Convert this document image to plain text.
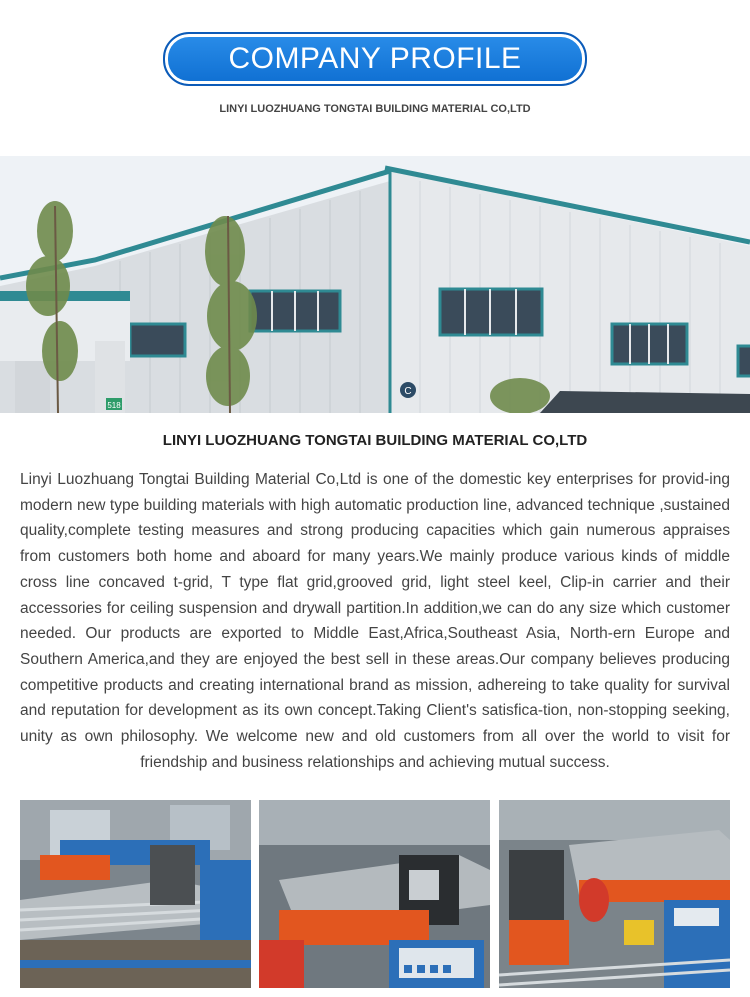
COMPANY PROFILE
LINYI LUOZHUANG TONGTAI BUILDING MATERIAL CO,LTD
518
C
LINYI LUOZHUANG TONGTAI BUILDING MATERIAL CO,LTD
Linyi Luozhuang Tongtai Building Material Co,Ltd is one of the domestic key enterprises for provid-ing modern new type building materials with high automatic production line, advanced technique ,sustained quality,complete testing measures and strong producing capacities which gain numerous appraises from customers both home and aboard for many years.We mainly produce various kinds of middle cross line concaved t-grid, T type flat grid,grooved grid, light steel keel, Clip-in carrier and their accessories for ceiling suspension and drywall partition.In addition,we can do any size which customer needed. Our products are exported to Middle East,Africa,Southeast Asia, North-ern Europe and Southern America,and they are enjoyed the best sell in these areas.Our company believes producing competitive products and creating international brand as mission, adhereing to take quality for survival and reputation for development as its own concept.Taking Client's satisfica-tion, non-stopping seeking, unity as own philosophy. We welcome new and old customers from all over the world to visit for friendship and business relationships and achieving mutual success.
